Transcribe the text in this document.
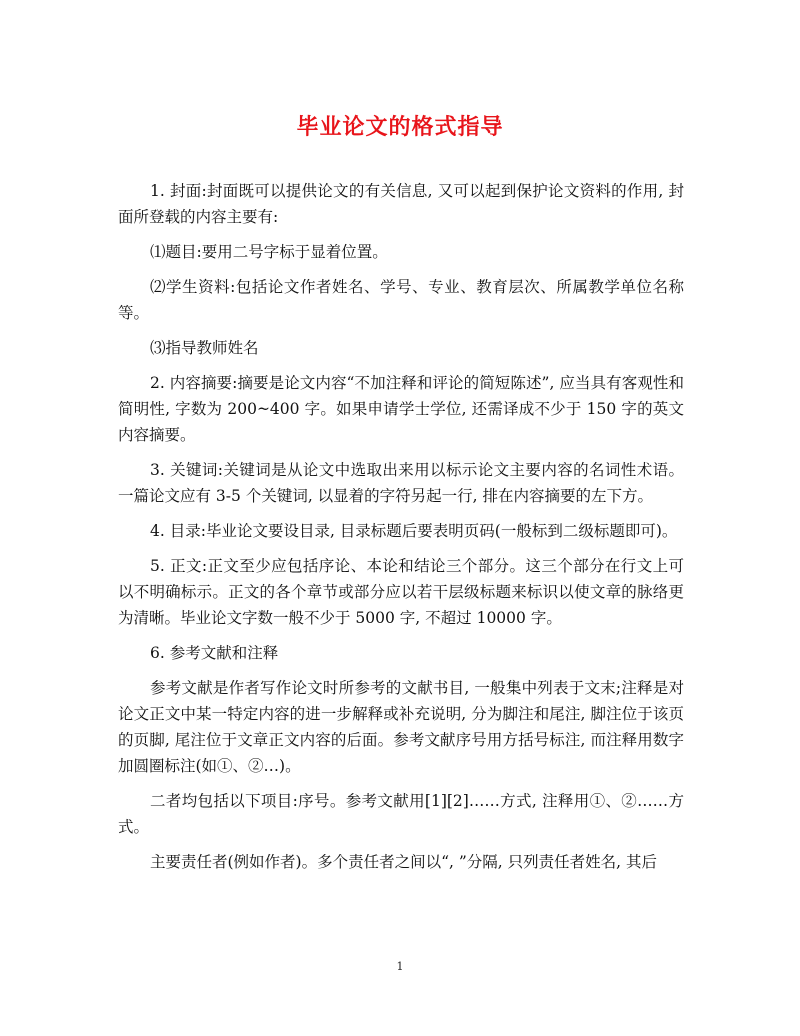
毕业论文的格式指导

1. 封面:封面既可以提供论文的有关信息, 又可以起到保护论文资料的作用, 封面所登载的内容主要有:

⑴题目:要用二号字标于显着位置。

⑵学生资料:包括论文作者姓名、学号、专业、教育层次、所属教学单位名称等。

⑶指导教师姓名

2. 内容摘要:摘要是论文内容“不加注释和评论的简短陈述”, 应当具有客观性和简明性, 字数为 200~400 字。如果申请学士学位, 还需译成不少于 150 字的英文内容摘要。

3. 关键词:关键词是从论文中选取出来用以标示论文主要内容的名词性术语。一篇论文应有 3-5 个关键词, 以显着的字符另起一行, 排在内容摘要的左下方。

4. 目录:毕业论文要设目录, 目录标题后要表明页码(一般标到二级标题即可)。

5. 正文:正文至少应包括序论、本论和结论三个部分。这三个部分在行文上可以不明确标示。正文的各个章节或部分应以若干层级标题来标识以使文章的脉络更为清晰。毕业论文字数一般不少于 5000 字, 不超过 10000 字。

6. 参考文献和注释

参考文献是作者写作论文时所参考的文献书目, 一般集中列表于文末;注释是对论文正文中某一特定内容的进一步解释或补充说明, 分为脚注和尾注, 脚注位于该页的页脚, 尾注位于文章正文内容的后面。参考文献序号用方括号标注, 而注释用数字加圆圈标注(如①、②…)。

二者均包括以下项目:序号。参考文献用[1][2]……方式, 注释用①、②……方式。

主要责任者(例如作者)。多个责任者之间以“, ”分隔, 只列责任者姓名, 其后

1
